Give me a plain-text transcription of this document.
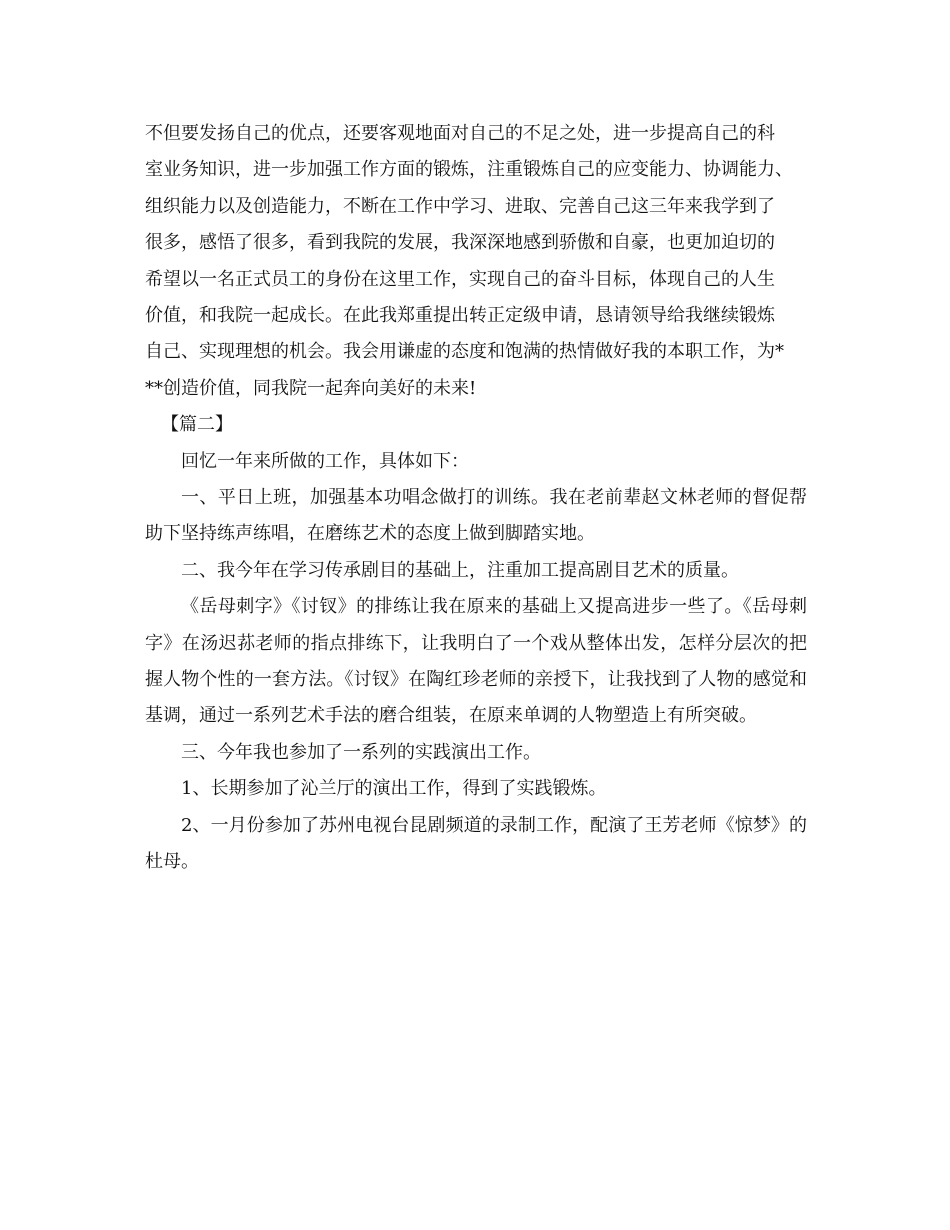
不但要发扬自己的优点，还要客观地面对自己的不足之处，进一步提高自己的科
室业务知识，进一步加强工作方面的锻炼，注重锻炼自己的应变能力、协调能力、
组织能力以及创造能力，不断在工作中学习、进取、完善自己这三年来我学到了
很多，感悟了很多，看到我院的发展，我深深地感到骄傲和自豪，也更加迫切的
希望以一名正式员工的身份在这里工作，实现自己的奋斗目标，体现自己的人生
价值，和我院一起成长。在此我郑重提出转正定级申请，恳请领导给我继续锻炼
自己、实现理想的机会。我会用谦虚的态度和饱满的热情做好我的本职工作，为*
**创造价值，同我院一起奔向美好的未来!
【篇二】
回忆一年来所做的工作，具体如下：
一、平日上班，加强基本功唱念做打的训练。我在老前辈赵文林老师的督促帮助下坚持练声练唱，在磨练艺术的态度上做到脚踏实地。
二、我今年在学习传承剧目的基础上，注重加工提高剧目艺术的质量。
《岳母刺字》《讨钗》的排练让我在原来的基础上又提高进步一些了。《岳母刺字》在汤迟荪老师的指点排练下，让我明白了一个戏从整体出发，怎样分层次的把握人物个性的一套方法。《讨钗》在陶红珍老师的亲授下，让我找到了人物的感觉和基调，通过一系列艺术手法的磨合组装，在原来单调的人物塑造上有所突破。
三、今年我也参加了一系列的实践演出工作。
1、长期参加了沁兰厅的演出工作，得到了实践锻炼。
2、一月份参加了苏州电视台昆剧频道的录制工作，配演了王芳老师《惊梦》的杜母。
